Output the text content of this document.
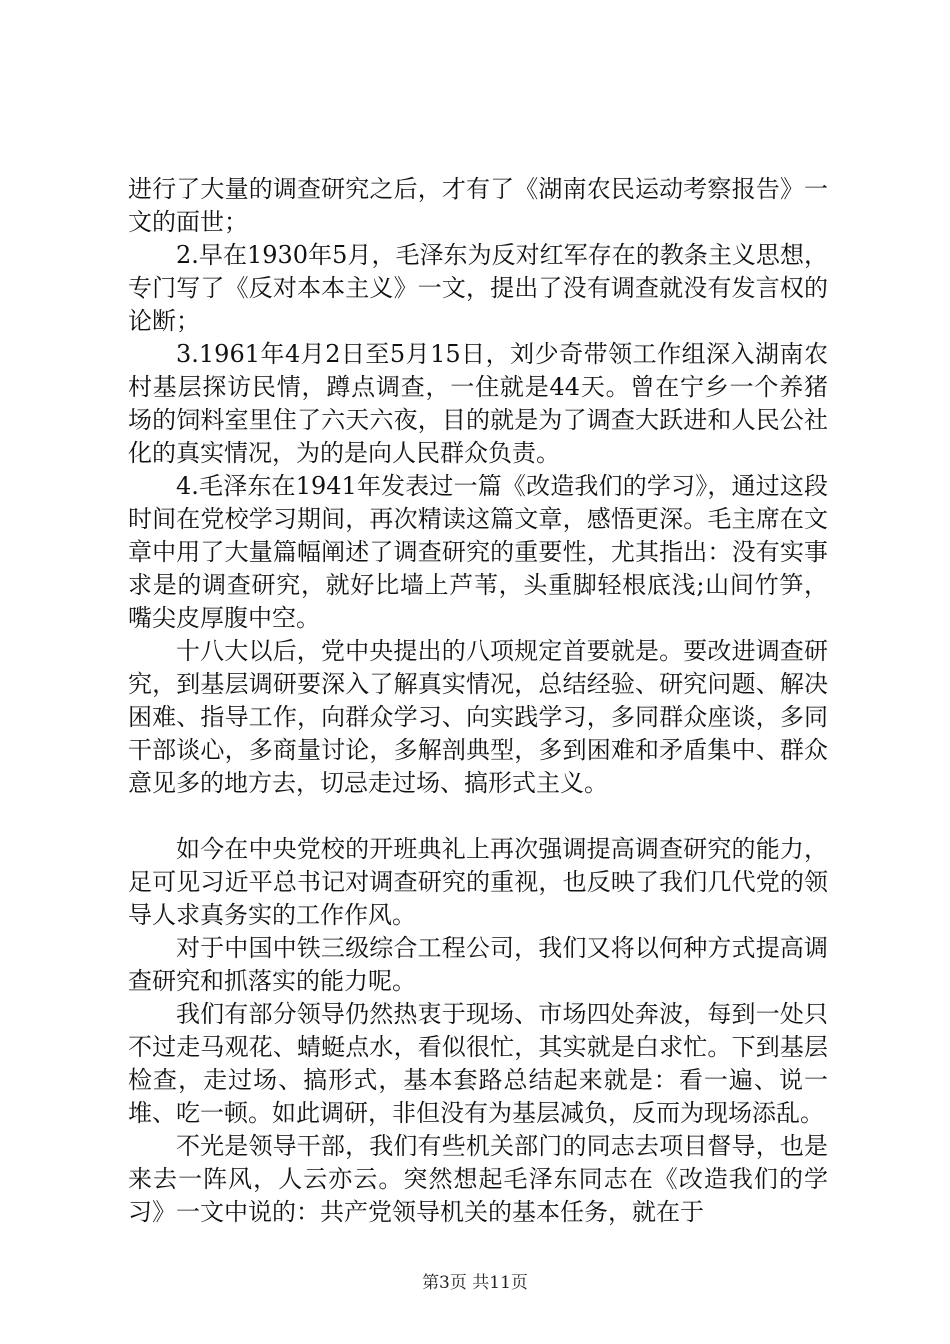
进行了大量的调查研究之后，才有了《湖南农民运动考察报告》一文的面世；

2.早在1930年5月，毛泽东为反对红军存在的教条主义思想，专门写了《反对本本主义》一文，提出了没有调查就没有发言权的论断；

3.1961年4月2日至5月15日，刘少奇带领工作组深入湖南农村基层探访民情，蹲点调查，一住就是44天。曾在宁乡一个养猪场的饲料室里住了六天六夜，目的就是为了调查大跃进和人民公社化的真实情况，为的是向人民群众负责。

4.毛泽东在1941年发表过一篇《改造我们的学习》，通过这段时间在党校学习期间，再次精读这篇文章，感悟更深。毛主席在文章中用了大量篇幅阐述了调查研究的重要性，尤其指出：没有实事求是的调查研究，就好比墙上芦苇，头重脚轻根底浅;山间竹笋，嘴尖皮厚腹中空。

十八大以后，党中央提出的八项规定首要就是。要改进调查研究，到基层调研要深入了解真实情况，总结经验、研究问题、解决困难、指导工作，向群众学习、向实践学习，多同群众座谈，多同干部谈心，多商量讨论，多解剖典型，多到困难和矛盾集中、群众意见多的地方去，切忌走过场、搞形式主义。

如今在中央党校的开班典礼上再次强调提高调查研究的能力，足可见习近平总书记对调查研究的重视，也反映了我们几代党的领导人求真务实的工作作风。

对于中国中铁三级综合工程公司，我们又将以何种方式提高调查研究和抓落实的能力呢。

我们有部分领导仍然热衷于现场、市场四处奔波，每到一处只不过走马观花、蜻蜓点水，看似很忙，其实就是白求忙。下到基层检查，走过场、搞形式，基本套路总结起来就是：看一遍、说一堆、吃一顿。如此调研，非但没有为基层减负，反而为现场添乱。

不光是领导干部，我们有些机关部门的同志去项目督导，也是来去一阵风，人云亦云。突然想起毛泽东同志在《改造我们的学习》一文中说的：共产党领导机关的基本任务，就在于

第3页 共11页
